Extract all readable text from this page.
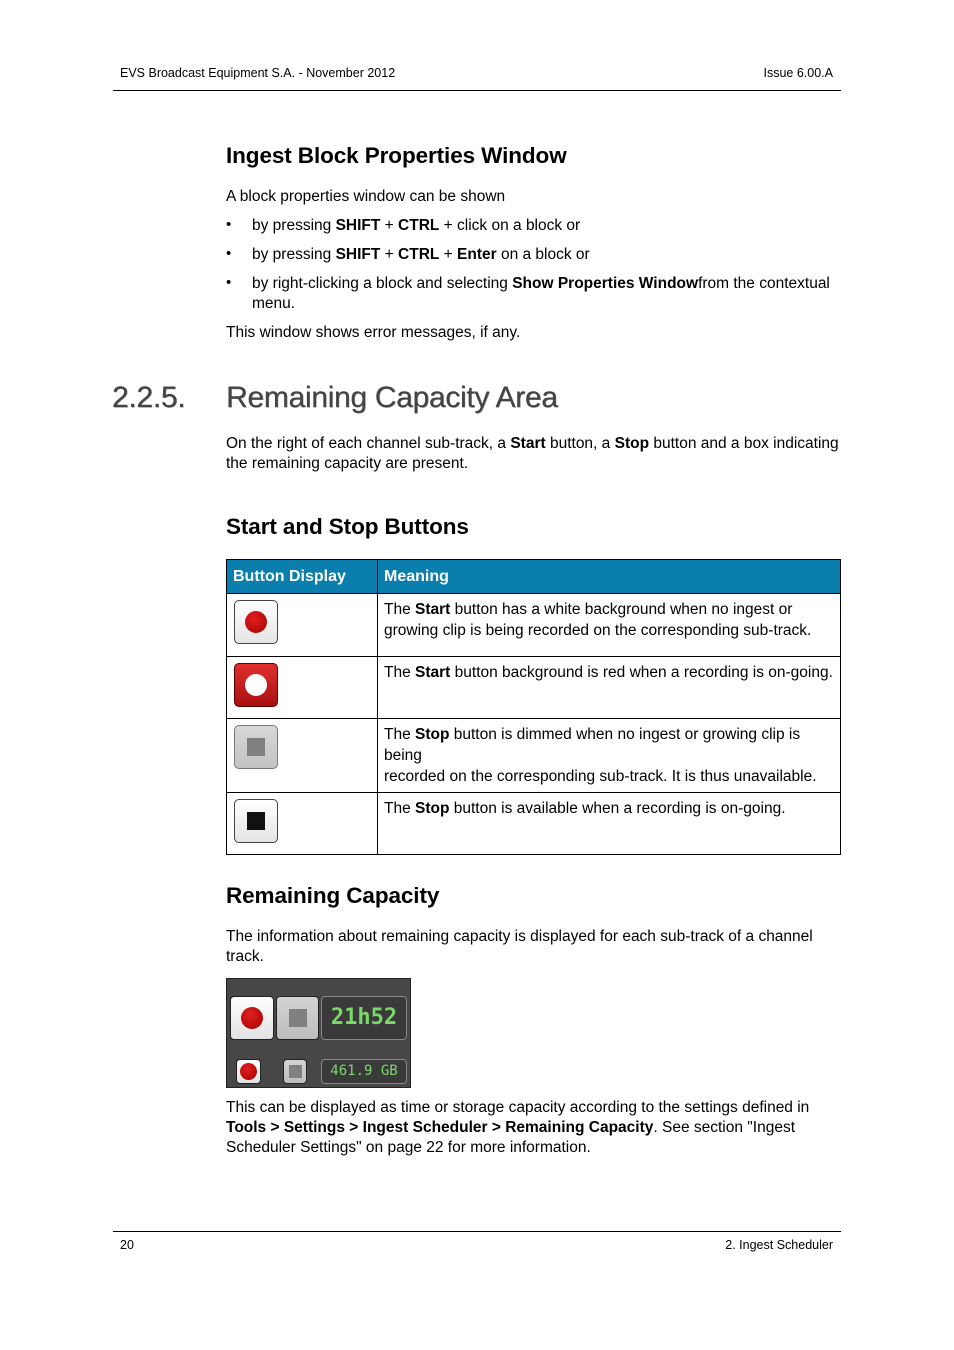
EVS Broadcast Equipment S.A. - November 2012	Issue 6.00.A
Ingest Block Properties Window
A block properties window can be shown
• by pressing SHIFT + CTRL + click on a block or
• by pressing SHIFT + CTRL + Enter on a block or
• by right-clicking a block and selecting Show Properties Windowfrom the contextual
menu.
This window shows error messages, if any.
2.2.5. Remaining Capacity Area
On the right of each channel sub-track, a Start button, a Stop button and a box indicating
the remaining capacity are present.
Start and Stop Buttons
Button Display	Meaning

	The Start button has a white background when no ingest or
growing clip is being recorded on the corresponding sub-track.

	The Start button background is red when a recording is on-going.

	The Stop button is dimmed when no ingest or growing clip is being
recorded on the corresponding sub-track. It is thus unavailable.

	The Stop button is available when a recording is on-going.
Remaining Capacity
The information about remaining capacity is displayed for each sub-track of a channel
track.
21h52
461.9 GB
This can be displayed as time or storage capacity according to the settings defined in
Tools > Settings > Ingest Scheduler > Remaining Capacity. See section "Ingest
Scheduler Settings" on page 22 for more information.
20	2. Ingest Scheduler
